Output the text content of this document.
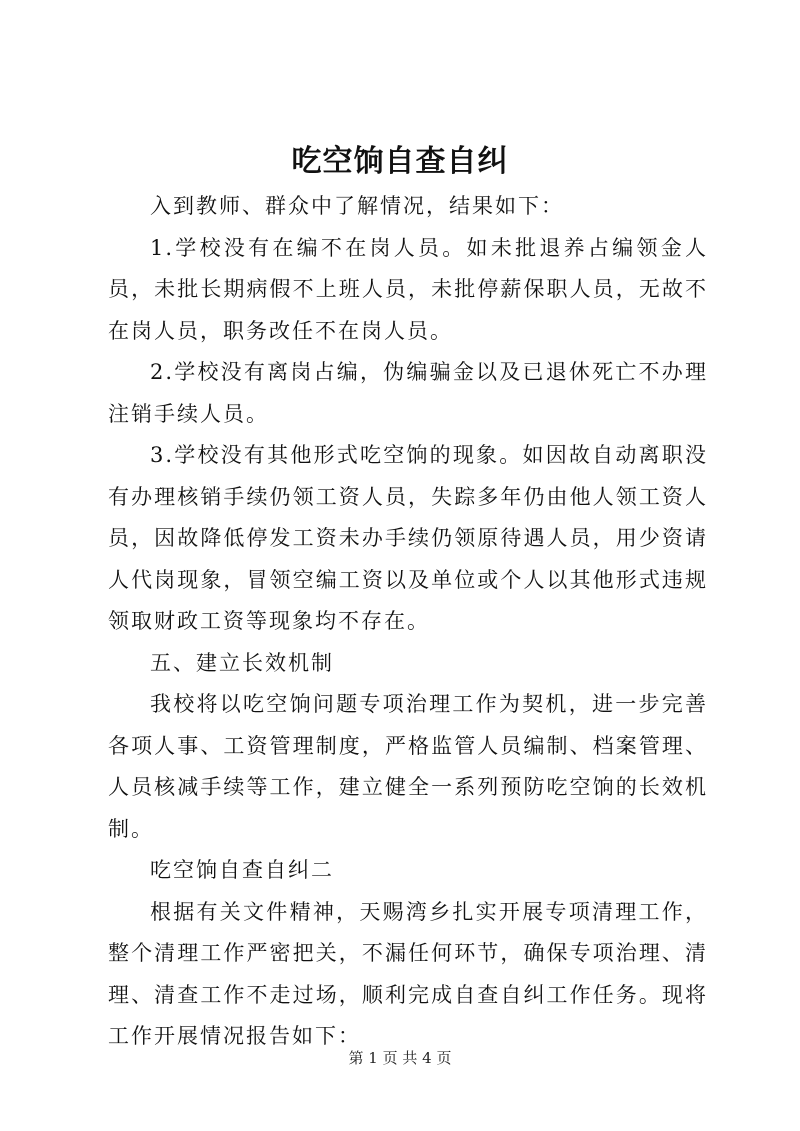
吃空饷自查自纠

入到教师、群众中了解情况，结果如下：

1.学校没有在编不在岗人员。如未批退养占编领金人员，未批长期病假不上班人员，未批停薪保职人员，无故不在岗人员，职务改任不在岗人员。

2.学校没有离岗占编，伪编骗金以及已退休死亡不办理注销手续人员。

3.学校没有其他形式吃空饷的现象。如因故自动离职没有办理核销手续仍领工资人员，失踪多年仍由他人领工资人员，因故降低停发工资未办手续仍领原待遇人员，用少资请人代岗现象，冒领空编工资以及单位或个人以其他形式违规领取财政工资等现象均不存在。

五、建立长效机制

我校将以吃空饷问题专项治理工作为契机，进一步完善各项人事、工资管理制度，严格监管人员编制、档案管理、人员核减手续等工作，建立健全一系列预防吃空饷的长效机制。

吃空饷自查自纠二

根据有关文件精神，天赐湾乡扎实开展专项清理工作，整个清理工作严密把关，不漏任何环节，确保专项治理、清理、清查工作不走过场，顺利完成自查自纠工作任务。现将工作开展情况报告如下：

第 1 页 共 4 页
